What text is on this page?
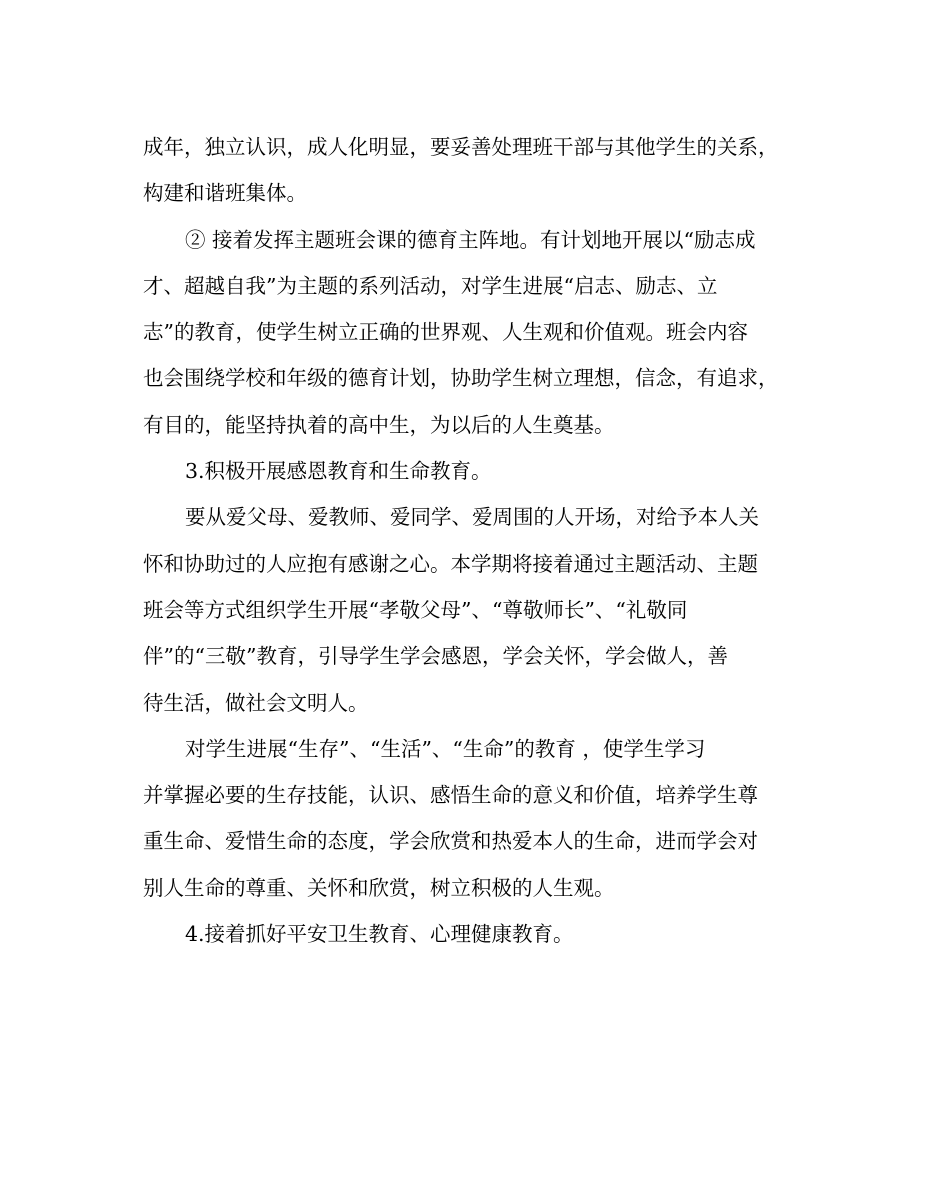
成年，独立认识，成人化明显，要妥善处理班干部与其他学生的关系，
构建和谐班集体。
② 接着发挥主题班会课的德育主阵地。有计划地开展以“励志成
才、超越自我”为主题的系列活动，对学生进展“启志、励志、立
志”的教育，使学生树立正确的世界观、人生观和价值观。班会内容
也会围绕学校和年级的德育计划，协助学生树立理想，信念，有追求，
有目的，能坚持执着的高中生，为以后的人生奠基。
3.积极开展感恩教育和生命教育。
要从爱父母、爱教师、爱同学、爱周围的人开场，对给予本人关
怀和协助过的人应抱有感谢之心。本学期将接着通过主题活动、主题
班会等方式组织学生开展“孝敬父母”、“尊敬师长”、“礼敬同
伴”的“三敬”教育，引导学生学会感恩，学会关怀，学会做人，善
待生活，做社会文明人。
对学生进展“生存”、“生活”、“生命”的教育 ，使学生学习
并掌握必要的生存技能，认识、感悟生命的意义和价值，培养学生尊
重生命、爱惜生命的态度，学会欣赏和热爱本人的生命，进而学会对
别人生命的尊重、关怀和欣赏，树立积极的人生观。
4.接着抓好平安卫生教育、心理健康教育。
